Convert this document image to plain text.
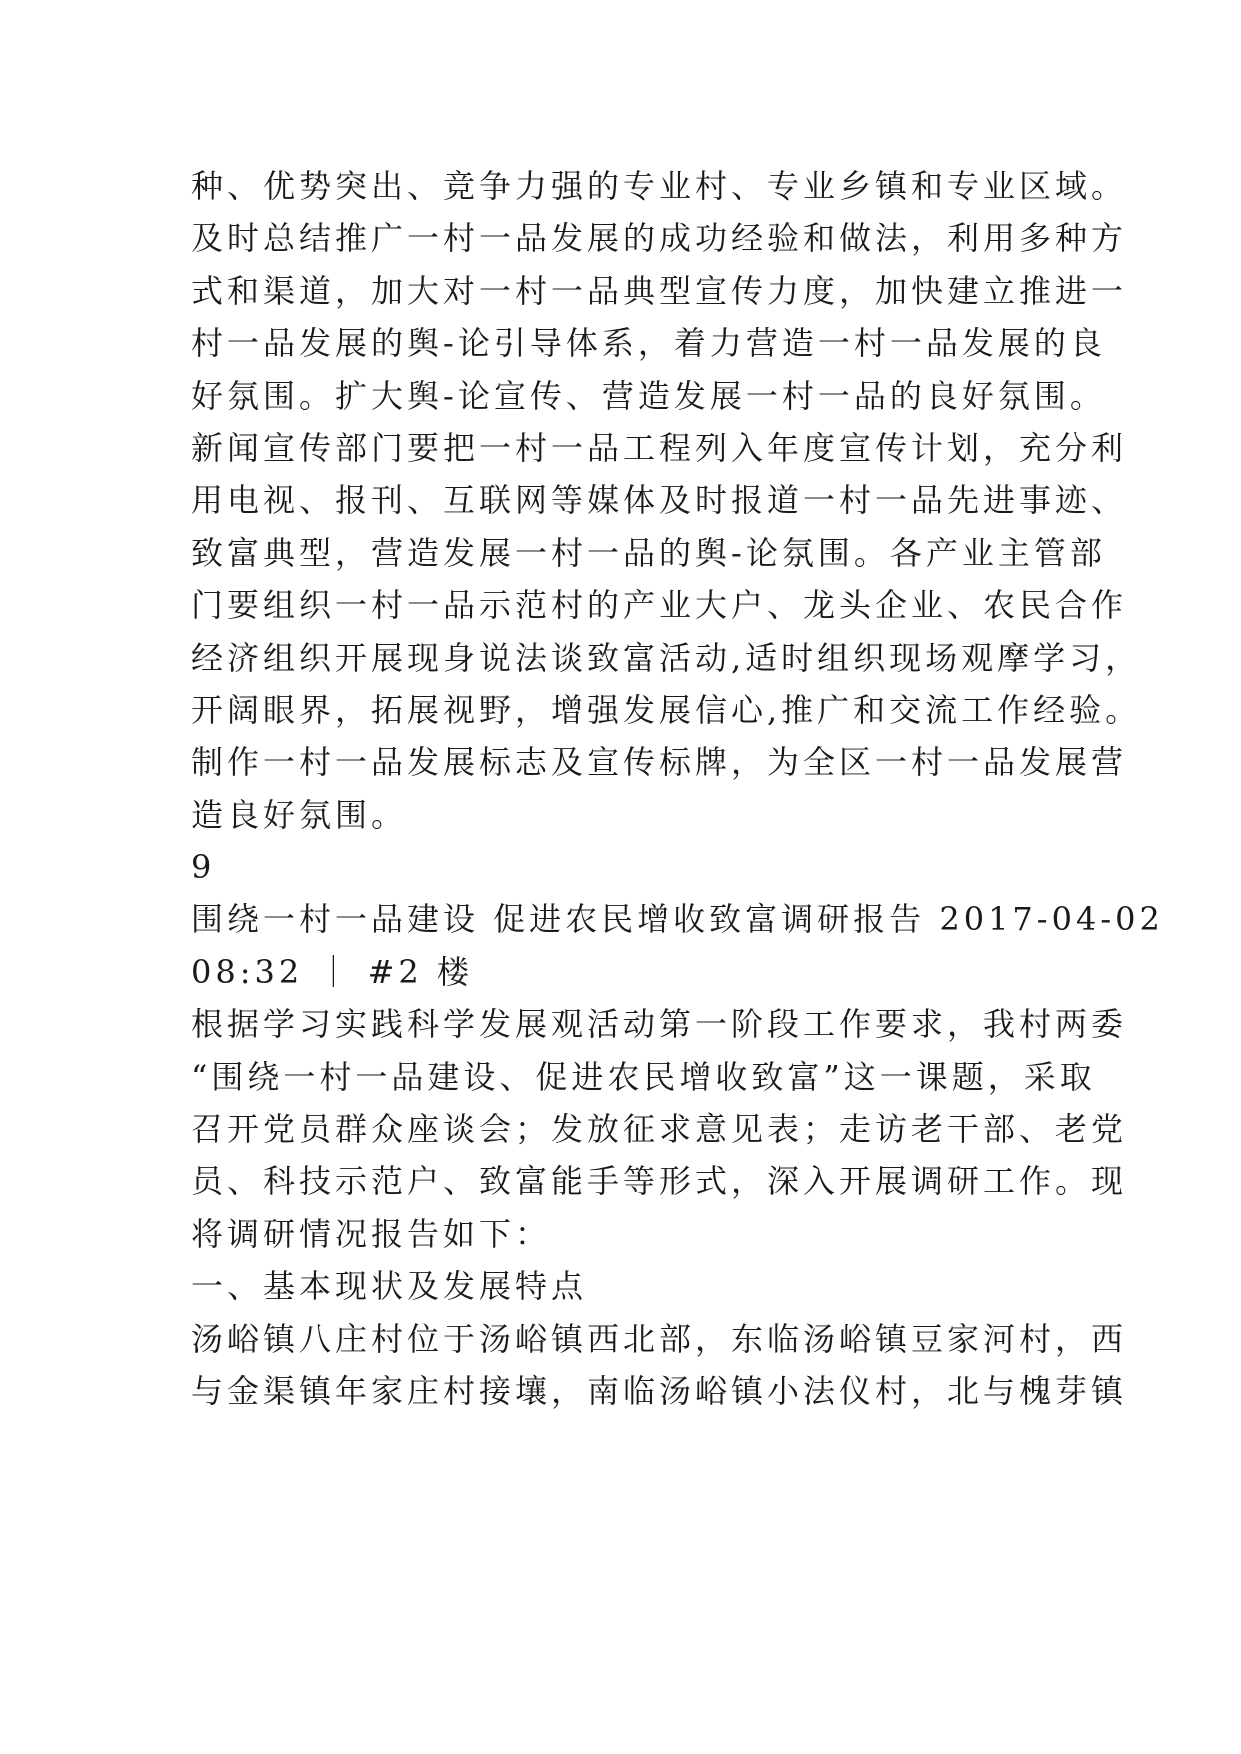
种、优势突出、竞争力强的专业村、专业乡镇和专业区域。
及时总结推广一村一品发展的成功经验和做法，利用多种方
式和渠道，加大对一村一品典型宣传力度，加快建立推进一
村一品发展的舆-论引导体系，着力营造一村一品发展的良
好氛围。扩大舆-论宣传、营造发展一村一品的良好氛围。
新闻宣传部门要把一村一品工程列入年度宣传计划，充分利
用电视、报刊、互联网等媒体及时报道一村一品先进事迹、
致富典型，营造发展一村一品的舆-论氛围。各产业主管部
门要组织一村一品示范村的产业大户、龙头企业、农民合作
经济组织开展现身说法谈致富活动,适时组织现场观摩学习，
开阔眼界，拓展视野，增强发展信心,推广和交流工作经验。
制作一村一品发展标志及宣传标牌，为全区一村一品发展营
造良好氛围。
9
围绕一村一品建设 促进农民增收致富调研报告 2017-04-02
08:32 ｜ #2 楼
根据学习实践科学发展观活动第一阶段工作要求，我村两委
“围绕一村一品建设、促进农民增收致富”这一课题，采取
召开党员群众座谈会；发放征求意见表；走访老干部、老党
员、科技示范户、致富能手等形式，深入开展调研工作。现
将调研情况报告如下：
一、基本现状及发展特点
汤峪镇八庄村位于汤峪镇西北部，东临汤峪镇豆家河村，西
与金渠镇年家庄村接壤，南临汤峪镇小法仪村，北与槐芽镇
